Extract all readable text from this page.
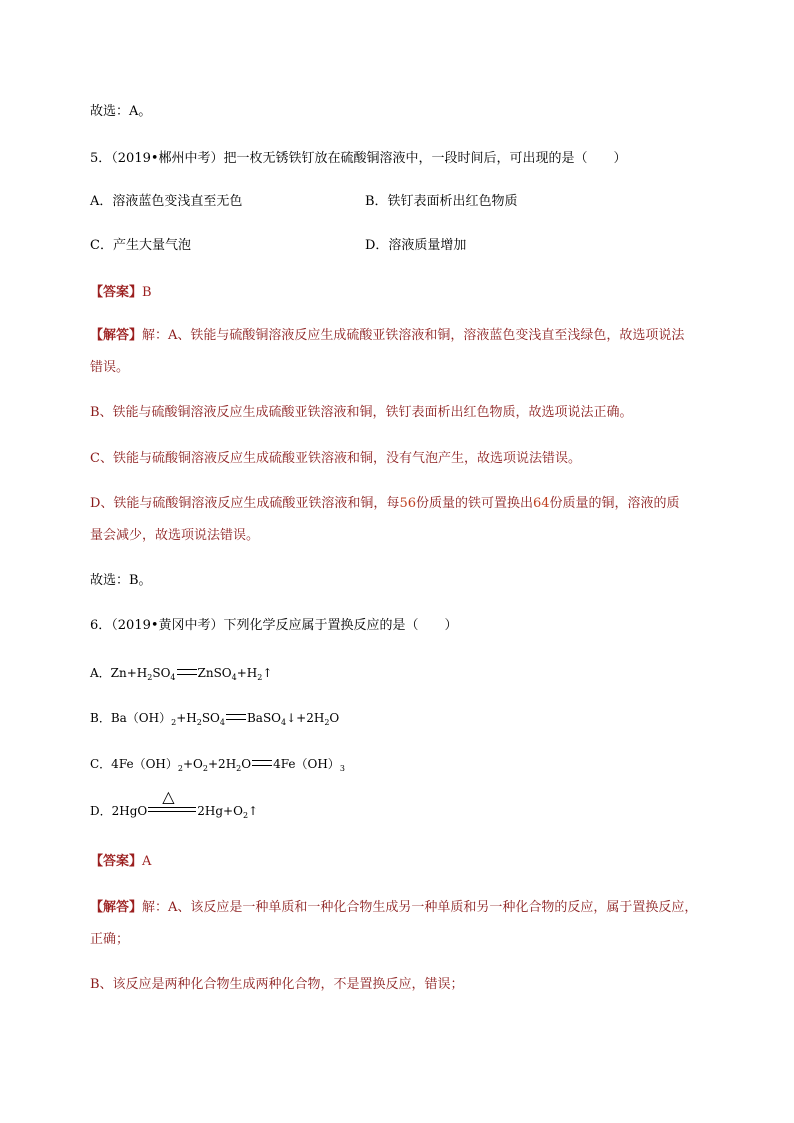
故选：A。
5．（2019•郴州中考）把一枚无锈铁钉放在硫酸铜溶液中，一段时间后，可出现的是（　　）
A．溶液蓝色变浅直至无色	B．铁钉表面析出红色物质
C．产生大量气泡	D．溶液质量增加
【答案】B
【解答】解：A、铁能与硫酸铜溶液反应生成硫酸亚铁溶液和铜，溶液蓝色变浅直至浅绿色，故选项说法
错误。
B、铁能与硫酸铜溶液反应生成硫酸亚铁溶液和铜，铁钉表面析出红色物质，故选项说法正确。
C、铁能与硫酸铜溶液反应生成硫酸亚铁溶液和铜，没有气泡产生，故选项说法错误。
D、铁能与硫酸铜溶液反应生成硫酸亚铁溶液和铜，每56份质量的铁可置换出64份质量的铜，溶液的质
量会减少，故选项说法错误。
故选：B。
6．（2019•黄冈中考）下列化学反应属于置换反应的是（　　）
A．$Zn+H_2SO_4$ $ZnSO_4+H_2↑$
B．$Ba(OH)_2+H_2SO_4$ $BaSO_4↓+2H_2O$
C．$4Fe(OH)_2+O_2+2H_2O$ $4Fe(OH)_3$
D．2HgO
△
$2Hg+O_2↑$
【答案】A
【解答】解：A、该反应是一种单质和一种化合物生成另一种单质和另一种化合物的反应，属于置换反应，
正确；
B、该反应是两种化合物生成两种化合物，不是置换反应，错误；
